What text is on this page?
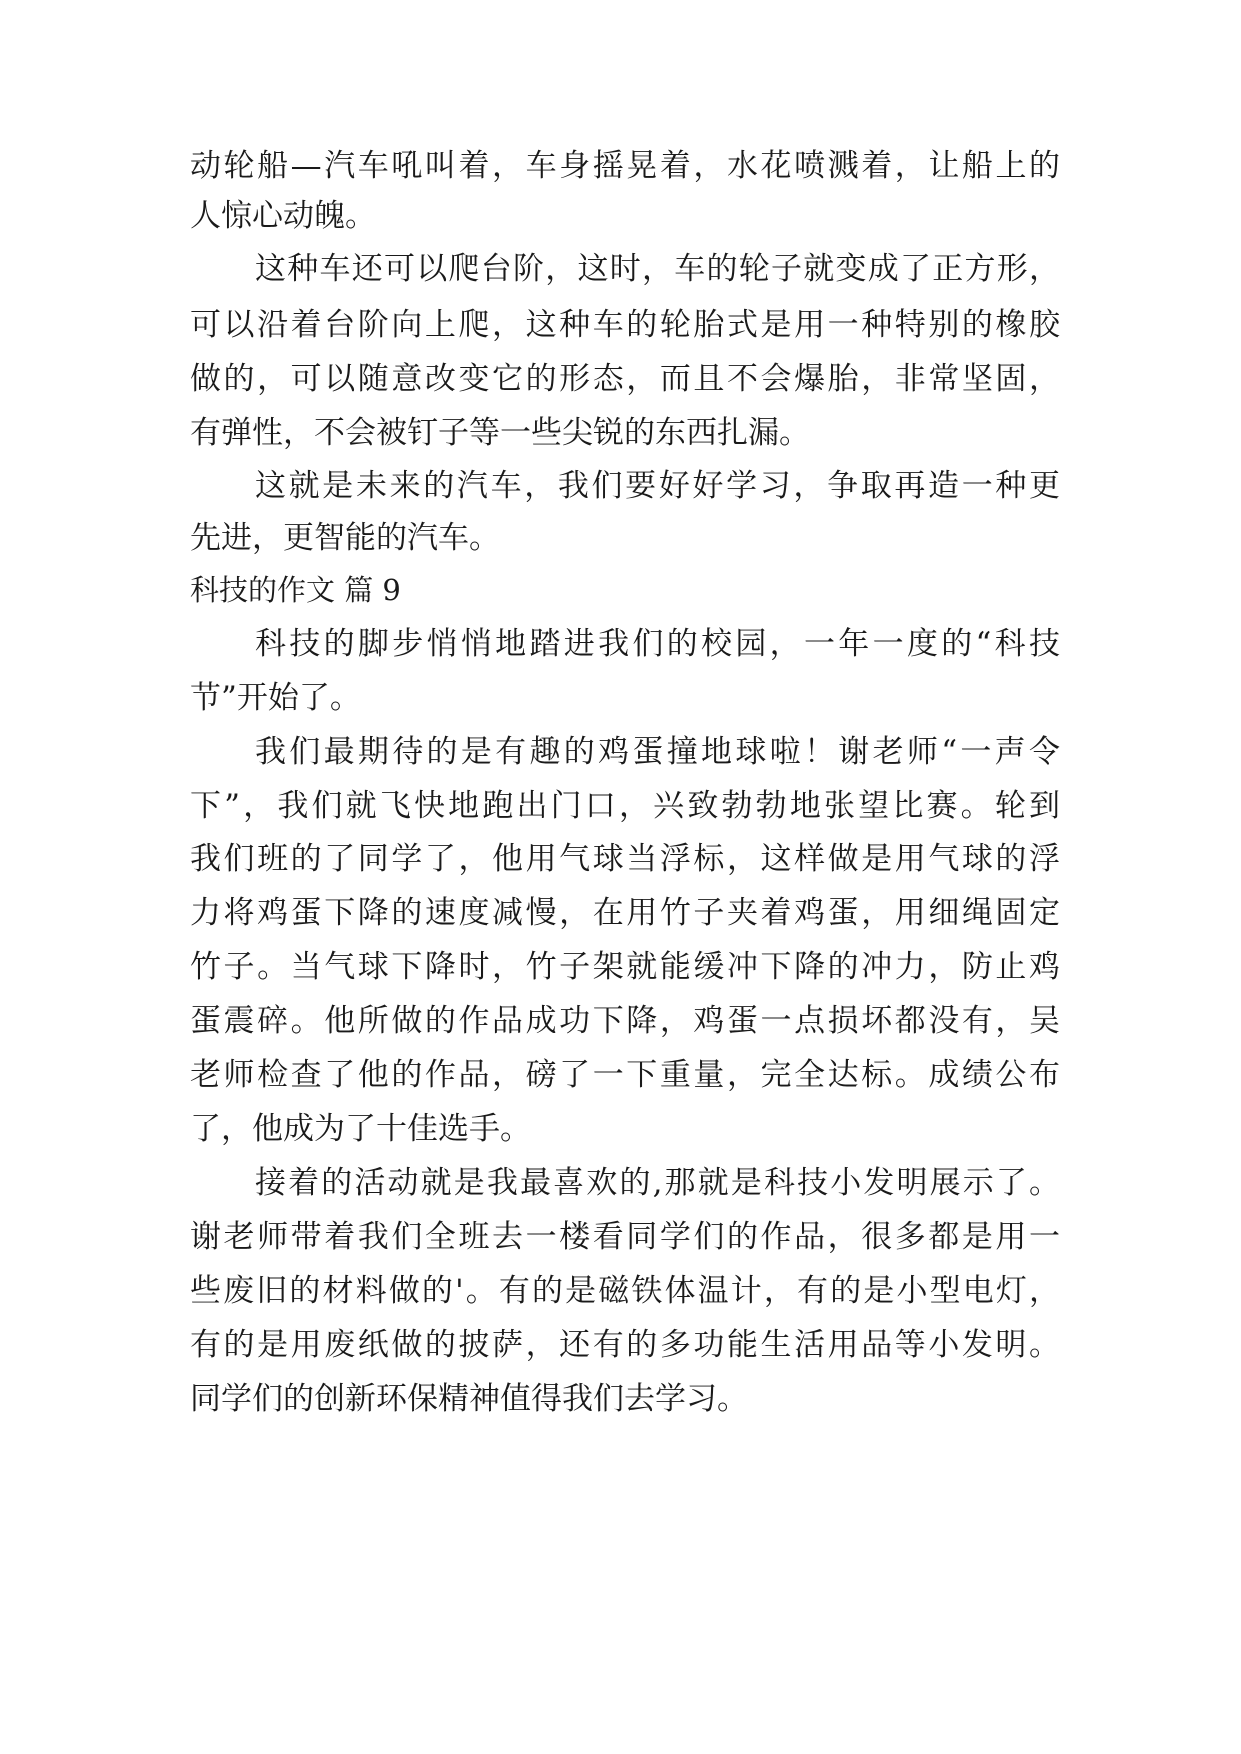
动轮船—汽车吼叫着，车身摇晃着，水花喷溅着，让船上的
人惊心动魄。
这种车还可以爬台阶，这时，车的轮子就变成了正方形，
可以沿着台阶向上爬，这种车的轮胎式是用一种特别的橡胶
做的，可以随意改变它的形态，而且不会爆胎，非常坚固，
有弹性，不会被钉子等一些尖锐的东西扎漏。
这就是未来的汽车，我们要好好学习，争取再造一种更
先进，更智能的汽车。
科技的作文 篇 9
科技的脚步悄悄地踏进我们的校园，一年一度的“科技
节”开始了。
我们最期待的是有趣的鸡蛋撞地球啦！谢老师“一声令
下”，我们就飞快地跑出门口，兴致勃勃地张望比赛。轮到
我们班的了同学了，他用气球当浮标，这样做是用气球的浮
力将鸡蛋下降的速度减慢，在用竹子夹着鸡蛋，用细绳固定
竹子。当气球下降时，竹子架就能缓冲下降的冲力，防止鸡
蛋震碎。他所做的作品成功下降，鸡蛋一点损坏都没有，吴
老师检查了他的作品，磅了一下重量，完全达标。成绩公布
了，他成为了十佳选手。
接着的活动就是我最喜欢的,那就是科技小发明展示了。
谢老师带着我们全班去一楼看同学们的作品，很多都是用一
些废旧的材料做的'。有的是磁铁体温计，有的是小型电灯，
有的是用废纸做的披萨，还有的多功能生活用品等小发明。
同学们的创新环保精神值得我们去学习。
